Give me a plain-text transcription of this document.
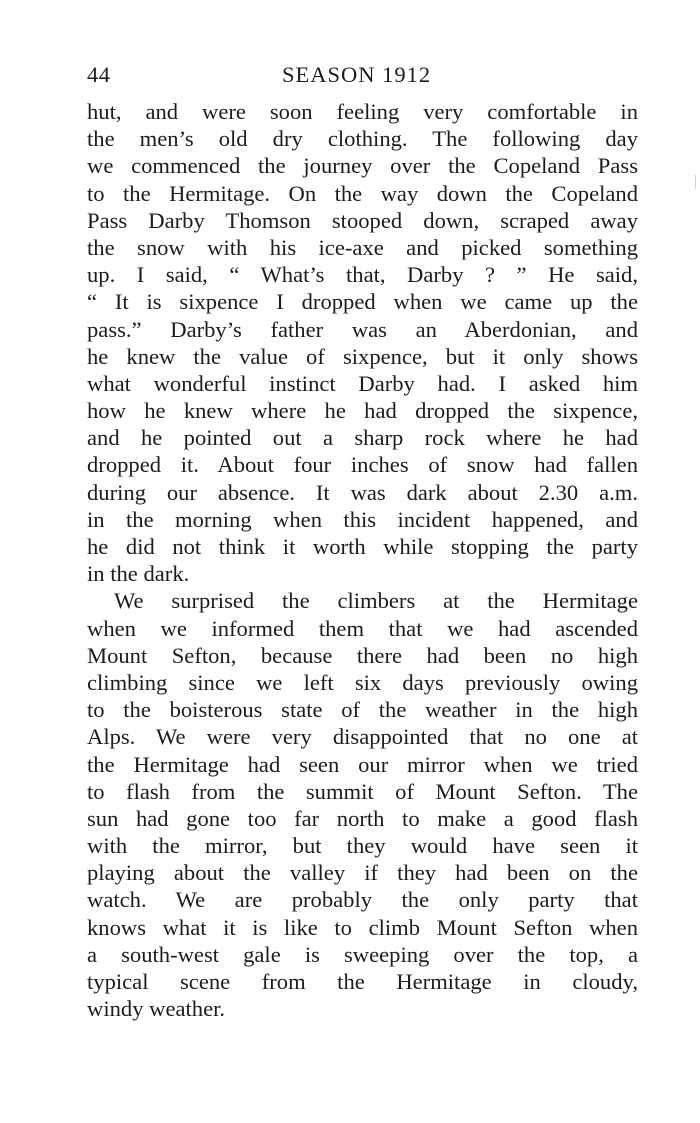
44	SEASON 1912
hut, and were soon feeling very comfortable in
the men’s old dry clothing. The following day
we commenced the journey over the Copeland Pass
to the Hermitage. On the way down the Copeland
Pass Darby Thomson stooped down, scraped away
the snow with his ice-axe and picked something
up. I said, “ What’s that, Darby ? ” He said,
“ It is sixpence I dropped when we came up the
pass.” Darby’s father was an Aberdonian, and
he knew the value of sixpence, but it only shows
what wonderful instinct Darby had. I asked him
how he knew where he had dropped the sixpence,
and he pointed out a sharp rock where he had
dropped it. About four inches of snow had fallen
during our absence. It was dark about 2.30 a.m.
in the morning when this incident happened, and
he did not think it worth while stopping the party
in the dark.
We surprised the climbers at the Hermitage
when we informed them that we had ascended
Mount Sefton, because there had been no high
climbing since we left six days previously owing
to the boisterous state of the weather in the high
Alps. We were very disappointed that no one at
the Hermitage had seen our mirror when we tried
to flash from the summit of Mount Sefton. The
sun had gone too far north to make a good flash
with the mirror, but they would have seen it
playing about the valley if they had been on the
watch. We are probably the only party that
knows what it is like to climb Mount Sefton when
a south-west gale is sweeping over the top, a
typical scene from the Hermitage in cloudy,
windy weather.
